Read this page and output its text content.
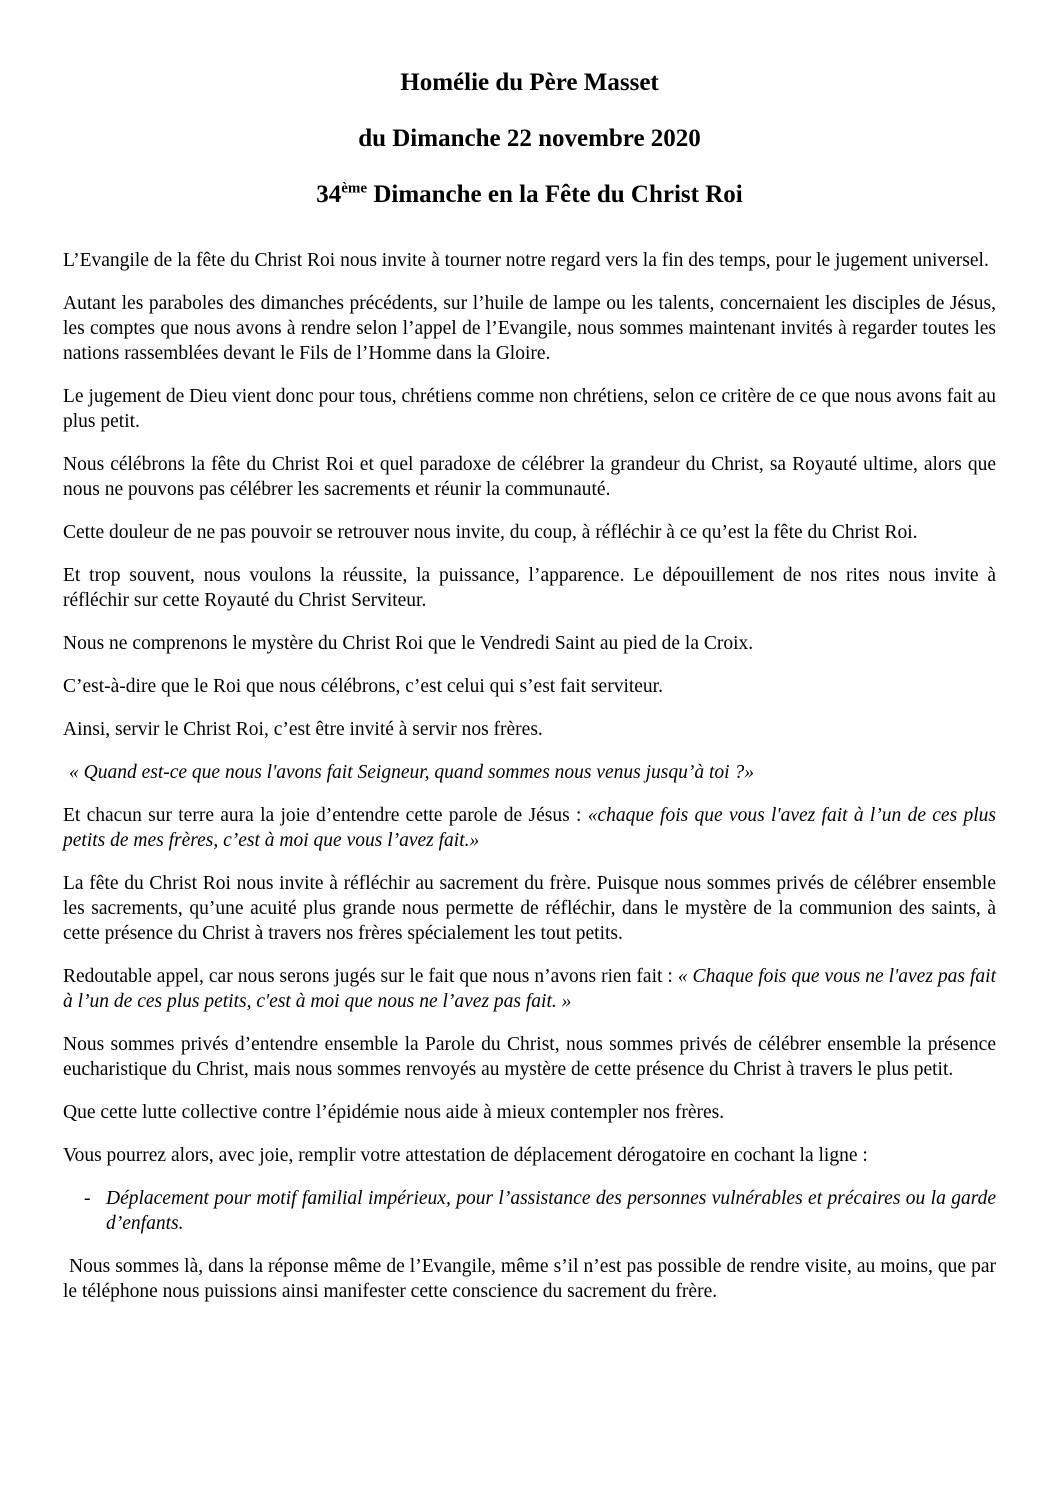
Homélie du Père Masset

du Dimanche 22 novembre 2020

34ème Dimanche en la Fête du Christ Roi

L’Evangile de la fête du Christ Roi nous invite à tourner notre regard vers la fin des temps, pour le jugement universel.

Autant les paraboles des dimanches précédents, sur l’huile de lampe ou les talents, concernaient les disciples de Jésus, les comptes que nous avons à rendre selon l’appel de l’Evangile, nous sommes maintenant invités à regarder toutes les nations rassemblées devant le Fils de l’Homme dans la Gloire.

Le jugement de Dieu vient donc pour tous, chrétiens comme non chrétiens, selon ce critère de ce que nous avons fait au plus petit.

Nous célébrons la fête du Christ Roi et quel paradoxe de célébrer la grandeur du Christ, sa Royauté ultime, alors que nous ne pouvons pas célébrer les sacrements et réunir la communauté.

Cette douleur de ne pas pouvoir se retrouver nous invite, du coup, à réfléchir à ce qu’est la fête du Christ Roi.

Et trop souvent, nous voulons la réussite, la puissance, l’apparence. Le dépouillement de nos rites nous invite à réfléchir sur cette Royauté du Christ Serviteur.

Nous ne comprenons le mystère du Christ Roi que le Vendredi Saint au pied de la Croix.

C’est-à-dire que le Roi que nous célébrons, c’est celui qui s’est fait serviteur.

Ainsi, servir le Christ Roi, c’est être invité à servir nos frères.

« Quand est-ce que nous l'avons fait Seigneur, quand sommes nous venus jusqu’à toi ?»

Et chacun sur terre aura la joie d’entendre cette parole de Jésus : «chaque fois que vous l'avez fait à l’un de ces plus petits de mes frères, c’est à moi que vous l’avez fait.»

La fête du Christ Roi nous invite à réfléchir au sacrement du frère. Puisque nous sommes privés de célébrer ensemble les sacrements, qu’une acuité plus grande nous permette de réfléchir, dans le mystère de la communion des saints, à cette présence du Christ à travers nos frères spécialement les tout petits.

Redoutable appel, car nous serons jugés sur le fait que nous n’avons rien fait : « Chaque fois que vous ne l'avez pas fait à l’un de ces plus petits, c'est à moi que nous ne l’avez pas fait. »

Nous sommes privés d’entendre ensemble la Parole du Christ, nous sommes privés de célébrer ensemble la présence eucharistique du Christ, mais nous sommes renvoyés au mystère de cette présence du Christ à travers le plus petit.

Que cette lutte collective contre l’épidémie nous aide à mieux contempler nos frères.

Vous pourrez alors, avec joie, remplir votre attestation de déplacement dérogatoire en cochant la ligne :

- Déplacement pour motif familial impérieux, pour l’assistance des personnes vulnérables et précaires ou la garde d’enfants.

Nous sommes là, dans la réponse même de l’Evangile, même s’il n’est pas possible de rendre visite, au moins, que par le téléphone nous puissions ainsi manifester cette conscience du sacrement du frère.
